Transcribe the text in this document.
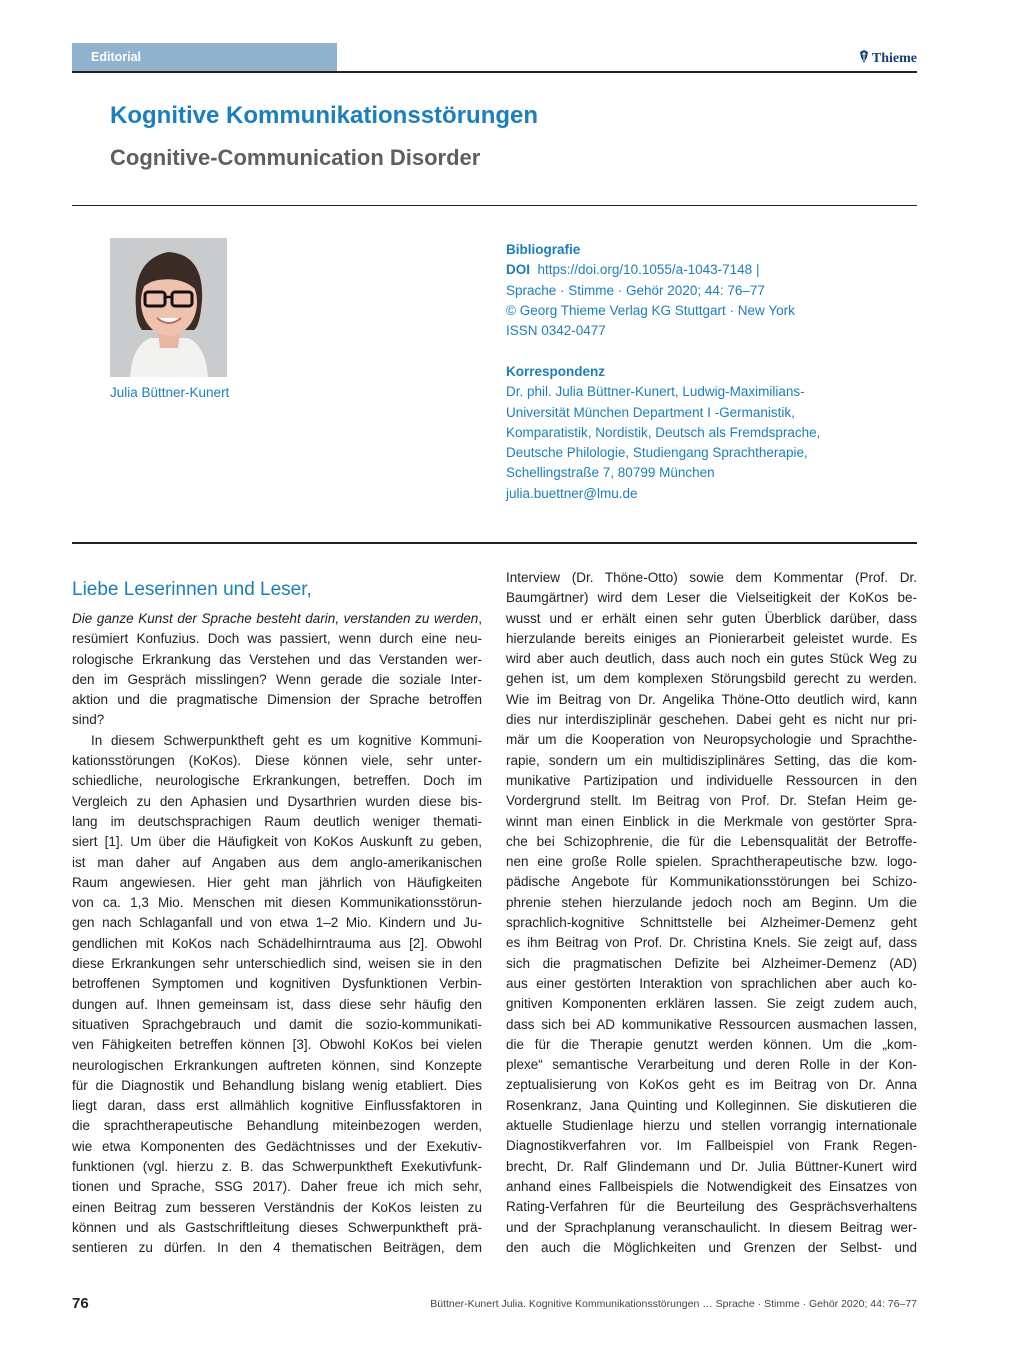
Editorial	Thieme
Kognitive Kommunikationsstörungen
Cognitive-Communication Disorder
Julia Büttner-Kunert
Bibliografie
DOI https://doi.org/10.1055/a-1043-7148 |
Sprache · Stimme · Gehör 2020; 44: 76–77
© Georg Thieme Verlag KG Stuttgart · New York
ISSN 0342-0477
Korrespondenz
Dr. phil. Julia Büttner-Kunert, Ludwig-Maximilians-
Universität München Department I -Germanistik,
Komparatistik, Nordistik, Deutsch als Fremdsprache,
Deutsche Philologie, Studiengang Sprachtherapie,
Schellingstraße 7, 80799 München
julia.buettner@lmu.de
Liebe Leserinnen und Leser,
Die ganze Kunst der Sprache besteht darin, verstanden zu werden,
resümiert Konfuzius. Doch was passiert, wenn durch eine neu-
rologische Erkrankung das Verstehen und das Verstanden wer-
den im Gespräch misslingen? Wenn gerade die soziale Inter-
aktion und die pragmatische Dimension der Sprache betroffen
sind?
In diesem Schwerpunktheft geht es um kognitive Kommuni-
kationsstörungen (KoKos). Diese können viele, sehr unter-
schiedliche, neurologische Erkrankungen, betreffen. Doch im
Vergleich zu den Aphasien und Dysarthrien wurden diese bis-
lang im deutschsprachigen Raum deutlich weniger themati-
siert [1]. Um über die Häufigkeit von KoKos Auskunft zu geben,
ist man daher auf Angaben aus dem anglo-amerikanischen
Raum angewiesen. Hier geht man jährlich von Häufigkeiten
von ca. 1,3 Mio. Menschen mit diesen Kommunikationsstörun-
gen nach Schlaganfall und von etwa 1–2 Mio. Kindern und Ju-
gendlichen mit KoKos nach Schädelhirntrauma aus [2]. Obwohl
diese Erkrankungen sehr unterschiedlich sind, weisen sie in den
betroffenen Symptomen und kognitiven Dysfunktionen Verbin-
dungen auf. Ihnen gemeinsam ist, dass diese sehr häufig den
situativen Sprachgebrauch und damit die sozio-kommunikati-
ven Fähigkeiten betreffen können [3]. Obwohl KoKos bei vielen
neurologischen Erkrankungen auftreten können, sind Konzepte
für die Diagnostik und Behandlung bislang wenig etabliert. Dies
liegt daran, dass erst allmählich kognitive Einflussfaktoren in
die sprachtherapeutische Behandlung miteinbezogen werden,
wie etwa Komponenten des Gedächtnisses und der Exekutiv-
funktionen (vgl. hierzu z. B. das Schwerpunktheft Exekutivfunk-
tionen und Sprache, SSG 2017). Daher freue ich mich sehr,
einen Beitrag zum besseren Verständnis der KoKos leisten zu
können und als Gastschriftleitung dieses Schwerpunktheft prä-
sentieren zu dürfen. In den 4 thematischen Beiträgen, dem
Interview (Dr. Thöne-Otto) sowie dem Kommentar (Prof. Dr.
Baumgärtner) wird dem Leser die Vielseitigkeit der KoKos be-
wusst und er erhält einen sehr guten Überblick darüber, dass
hierzulande bereits einiges an Pionierarbeit geleistet wurde. Es
wird aber auch deutlich, dass auch noch ein gutes Stück Weg zu
gehen ist, um dem komplexen Störungsbild gerecht zu werden.
Wie im Beitrag von Dr. Angelika Thöne-Otto deutlich wird, kann
dies nur interdisziplinär geschehen. Dabei geht es nicht nur pri-
mär um die Kooperation von Neuropsychologie und Sprachthe-
rapie, sondern um ein multidisziplinäres Setting, das die kom-
munikative Partizipation und individuelle Ressourcen in den
Vordergrund stellt. Im Beitrag von Prof. Dr. Stefan Heim ge-
winnt man einen Einblick in die Merkmale von gestörter Spra-
che bei Schizophrenie, die für die Lebensqualität der Betroffe-
nen eine große Rolle spielen. Sprachtherapeutische bzw. logo-
pädische Angebote für Kommunikationsstörungen bei Schizo-
phrenie stehen hierzulande jedoch noch am Beginn. Um die
sprachlich-kognitive Schnittstelle bei Alzheimer-Demenz geht
es ihm Beitrag von Prof. Dr. Christina Knels. Sie zeigt auf, dass
sich die pragmatischen Defizite bei Alzheimer-Demenz (AD)
aus einer gestörten Interaktion von sprachlichen aber auch ko-
gnitiven Komponenten erklären lassen. Sie zeigt zudem auch,
dass sich bei AD kommunikative Ressourcen ausmachen lassen,
die für die Therapie genutzt werden können. Um die „kom-
plexe“ semantische Verarbeitung und deren Rolle in der Kon-
zeptualisierung von KoKos geht es im Beitrag von Dr. Anna
Rosenkranz, Jana Quinting und Kolleginnen. Sie diskutieren die
aktuelle Studienlage hierzu und stellen vorrangig internationale
Diagnostikverfahren vor. Im Fallbeispiel von Frank Regen-
brecht, Dr. Ralf Glindemann und Dr. Julia Büttner-Kunert wird
anhand eines Fallbeispiels die Notwendigkeit des Einsatzes von
Rating-Verfahren für die Beurteilung des Gesprächsverhaltens
und der Sprachplanung veranschaulicht. In diesem Beitrag wer-
den auch die Möglichkeiten und Grenzen der Selbst- und
76	Büttner-Kunert Julia. Kognitive Kommunikationsstörungen … Sprache · Stimme · Gehör 2020; 44: 76–77
